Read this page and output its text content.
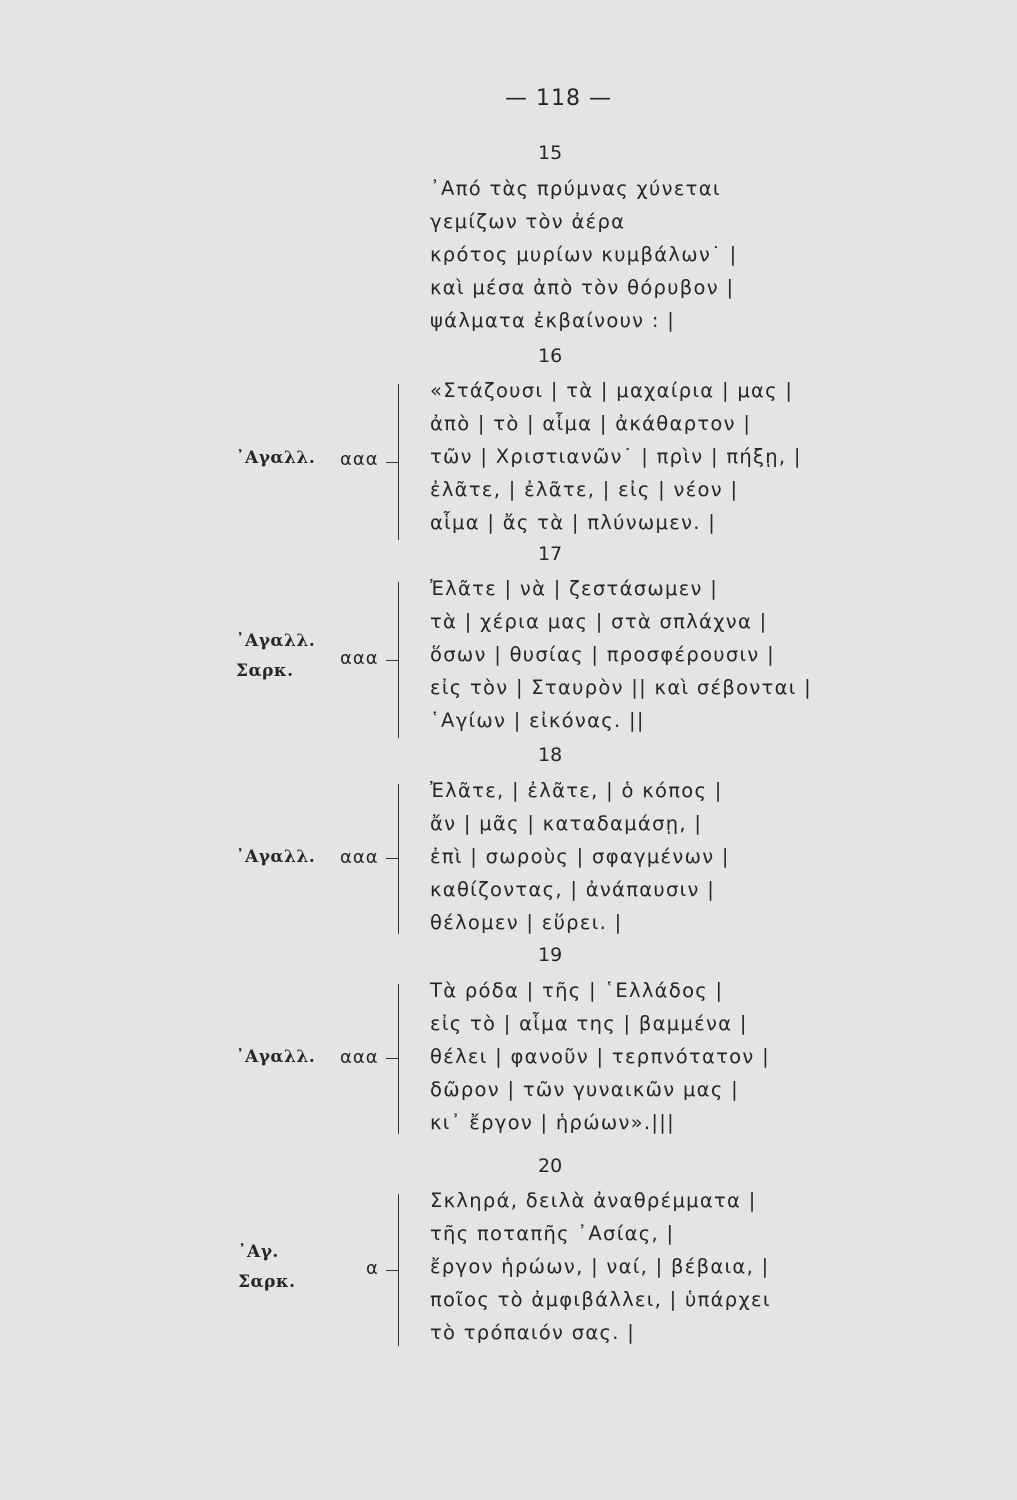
— 118 —
15
᾿Από τὰς πρύμνας χύνεται
γεμίζων τὸν ἀέρα
κρότος μυρίων κυμβάλων˙ |
καὶ μέσα ἀπὸ τὸν θόρυβον |
ψάλματα ἐκβαίνουν : |
16
«Στάζουσι | τὰ | μαχαίρια | μας |
ἀπὸ | τὸ | αἷμα | ἀκάθαρτον |
τῶν | Χριστιανῶν˙ | πρὶν | πήξῃ, |
ἐλᾶτε, | ἐλᾶτε, | εἰς | νέον |
αἷμα | ἄς τὰ | πλύνωμεν. |
᾿Αγαλλ. ααα
17
Ἐλᾶτε | νὰ | ζεστάσωμεν |
τὰ | χέρια μας | στὰ σπλάχνα |
ὅσων | θυσίας | προσφέρουσιν |
εἰς τὸν | Σταυρὸν || καὶ σέβονται |
῾Αγίων | εἰκόνας. ||
᾿Αγαλλ.
Σαρκ.
ααα
18
Ἐλᾶτε, | ἐλᾶτε, | ὁ κόπος |
ἄν | μᾶς | καταδαμάσῃ, |
ἐπὶ | σωροὺς | σφαγμένων |
καθίζοντας, | ἀνάπαυσιν |
θέλομεν | εὕρει. |
᾿Αγαλλ. ααα
19
Τὰ ρόδα | τῆς | ῾Ελλάδος |
εἰς τὸ | αἷμα της | βαμμένα |
θέλει | φανοῦν | τερπνότατον |
δῶρον | τῶν γυναικῶν μας |
κι᾿ ἔργον | ἡρώων».|||
᾿Αγαλλ. ααα
20
Σκληρά, δειλὰ ἀναθρέμματα |
τῆς ποταπῆς ᾿Ασίας, |
ἔργον ἡρώων, | ναί, | βέβαια, |
ποῖος τὸ ἀμφιβάλλει, | ὑπάρχει
τὸ τρόπαιόν σας. |
᾿Αγ.
Σαρκ.
α
